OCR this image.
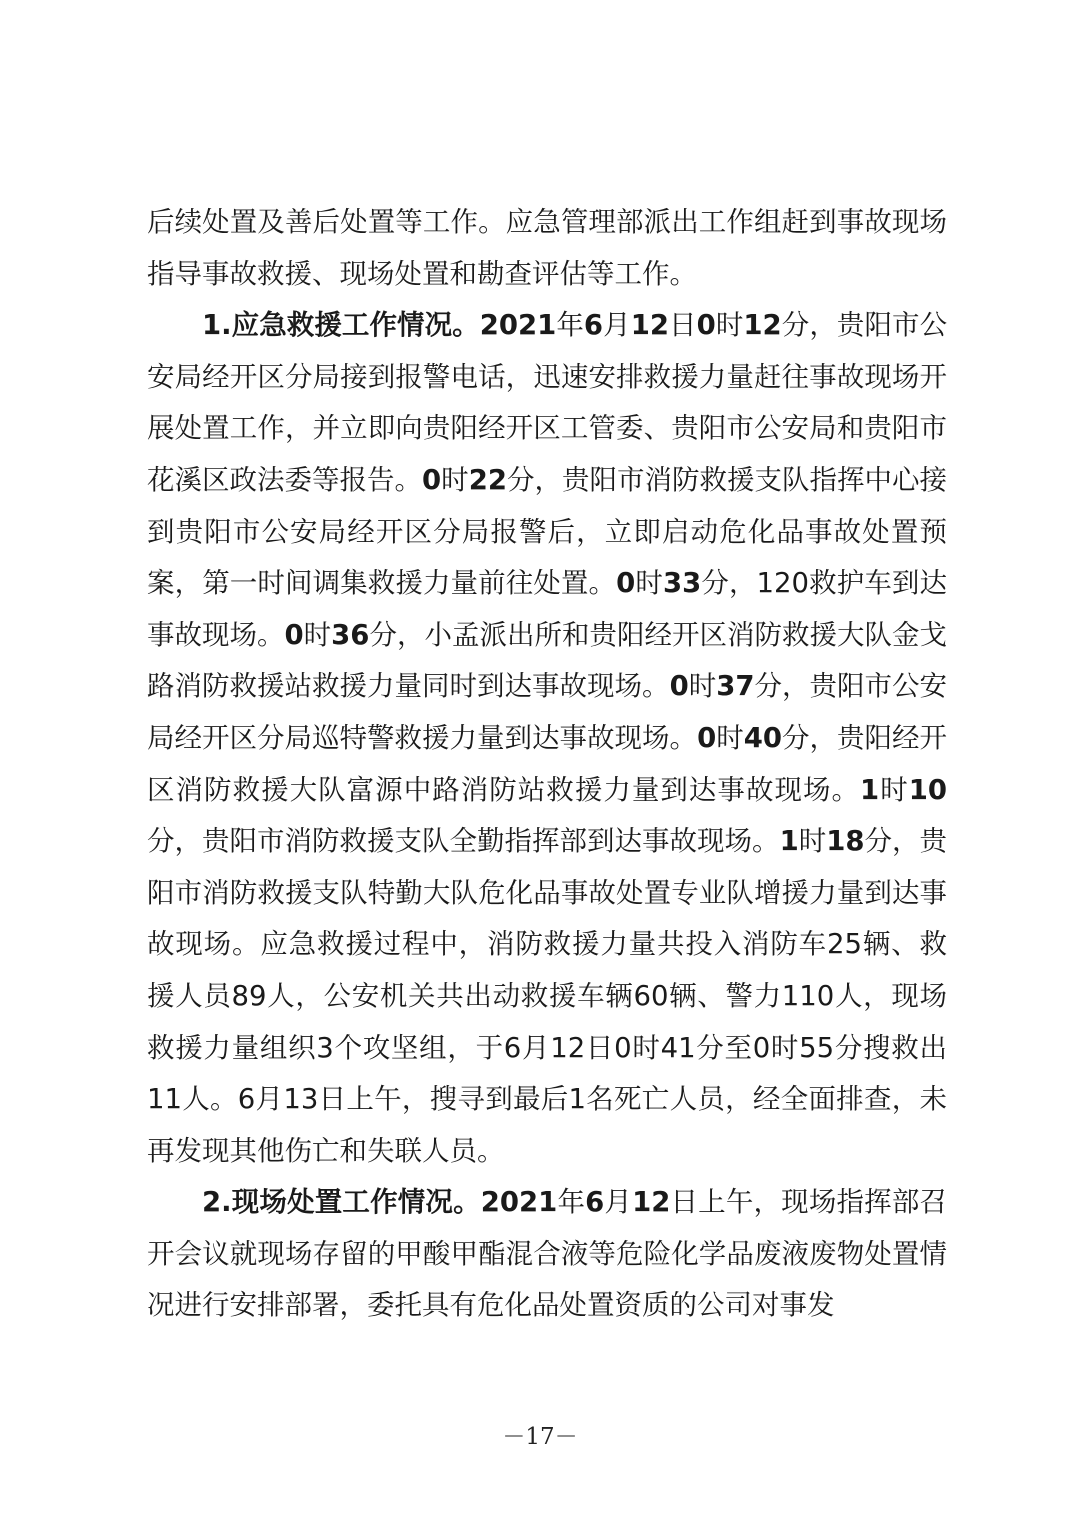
后续处置及善后处置等工作。应急管理部派出工作组赶到事故现场指导事故救援、现场处置和勘查评估等工作。

1.应急救援工作情况。2021年6月12日0时12分，贵阳市公安局经开区分局接到报警电话，迅速安排救援力量赶往事故现场开展处置工作，并立即向贵阳经开区工管委、贵阳市公安局和贵阳市花溪区政法委等报告。0时22分，贵阳市消防救援支队指挥中心接到贵阳市公安局经开区分局报警后，立即启动危化品事故处置预案，第一时间调集救援力量前往处置。0时33分，120救护车到达事故现场。0时36分，小孟派出所和贵阳经开区消防救援大队金戈路消防救援站救援力量同时到达事故现场。0时37分，贵阳市公安局经开区分局巡特警救援力量到达事故现场。0时40分，贵阳经开区消防救援大队富源中路消防站救援力量到达事故现场。1时10分，贵阳市消防救援支队全勤指挥部到达事故现场。1时18分，贵阳市消防救援支队特勤大队危化品事故处置专业队增援力量到达事故现场。应急救援过程中，消防救援力量共投入消防车25辆、救援人员89人，公安机关共出动救援车辆60辆、警力110人，现场救援力量组织3个攻坚组，于6月12日0时41分至0时55分搜救出11人。6月13日上午，搜寻到最后1名死亡人员，经全面排查，未再发现其他伤亡和失联人员。

2.现场处置工作情况。2021年6月12日上午，现场指挥部召开会议就现场存留的甲酸甲酯混合液等危险化学品废液废物处置情况进行安排部署，委托具有危化品处置资质的公司对事发

－17－
